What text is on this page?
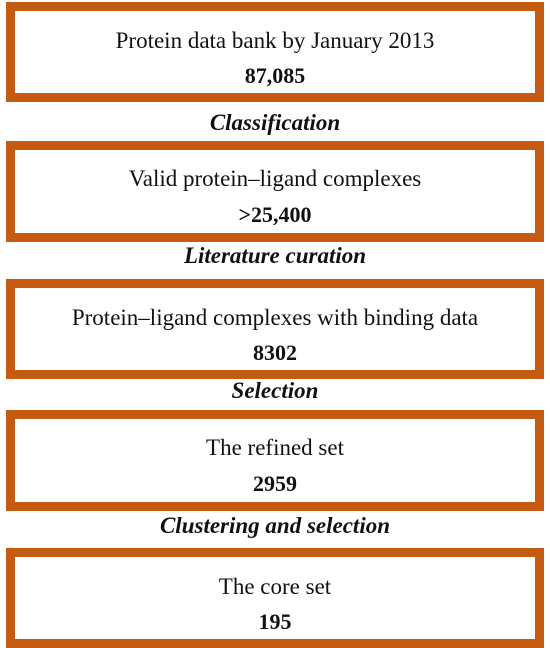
Protein data bank by January 2013
87,085
Classification
Valid protein–ligand complexes
>25,400
Literature curation
Protein–ligand complexes with binding data
8302
Selection
The refined set
2959
Clustering and selection
The core set
195
